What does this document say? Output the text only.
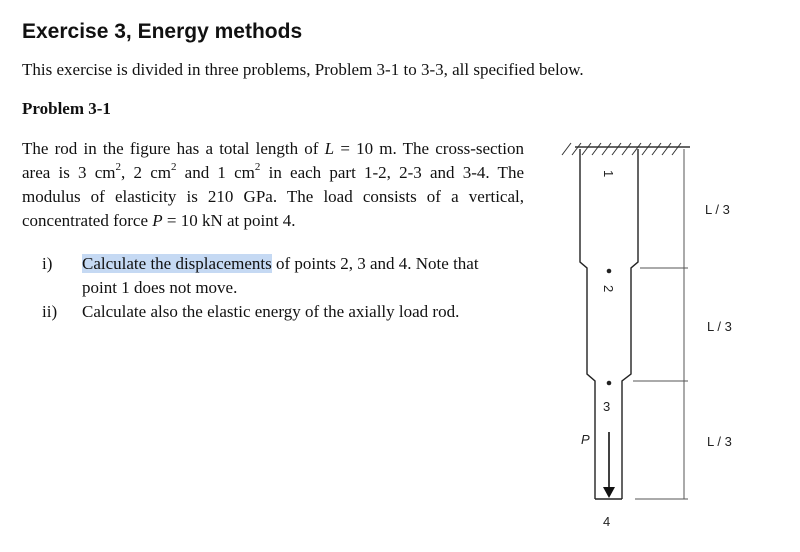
Exercise 3, Energy methods
This exercise is divided in three problems, Problem 3-1 to 3-3, all specified below.
Problem 3-1
The rod in the figure has a total length of L = 10 m. The cross-section
area is 3 $cm^2$, 2 $cm^2$ and 1 $cm^2$ in each part 1-2, 2-3 and 3-4. The
modulus of elasticity is 210 GPa. The load consists of a vertical,
concentrated force P = 10 kN at point 4.
i) Calculate the displacements of points 2, 3 and 4. Note that
point 1 does not move.
ii) Calculate also the elastic energy of the axially load rod.
1
2
3
4
P
L / 3
L / 3
L / 3
